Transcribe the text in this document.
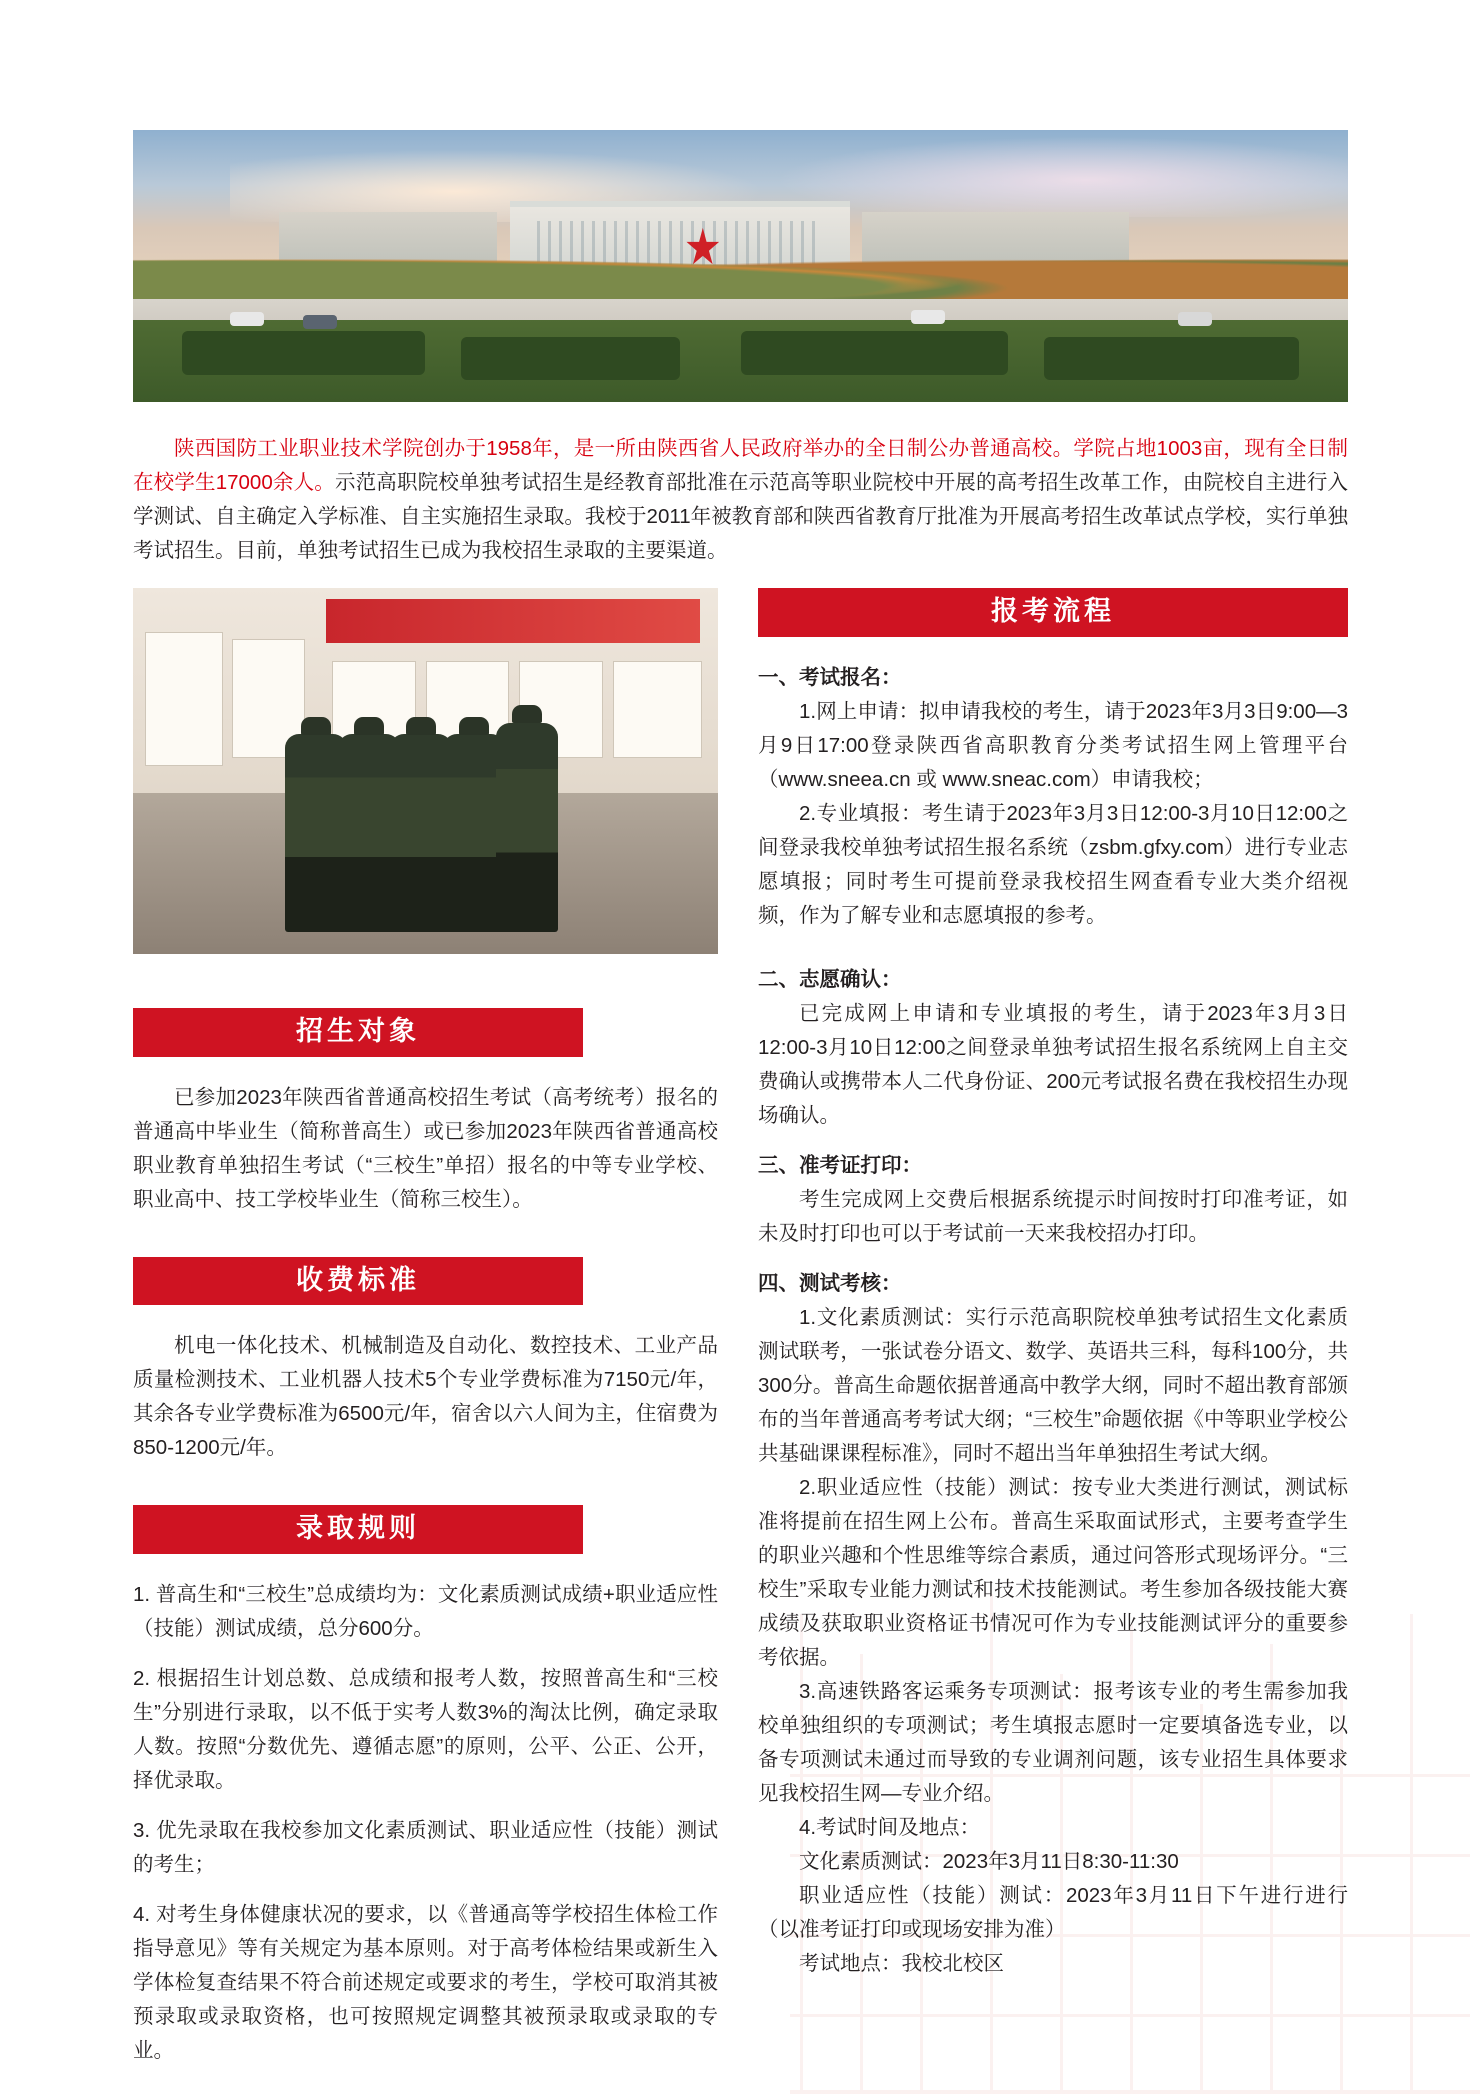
陕西国防工业职业技术学院创办于1958年，是一所由陕西省人民政府举办的全日制公办普通高校。学院占地1003亩，现有全日制在校学生17000余人。示范高职院校单独考试招生是经教育部批准在示范高等职业院校中开展的高考招生改革工作，由院校自主进行入学测试、自主确定入学标准、自主实施招生录取。我校于2011年被教育部和陕西省教育厅批准为开展高考招生改革试点学校，实行单独考试招生。目前，单独考试招生已成为我校招生录取的主要渠道。
招生对象
已参加2023年陕西省普通高校招生考试（高考统考）报名的普通高中毕业生（简称普高生）或已参加2023年陕西省普通高校职业教育单独招生考试（“三校生”单招）报名的中等专业学校、职业高中、技工学校毕业生（简称三校生）。
收费标准
机电一体化技术、机械制造及自动化、数控技术、工业产品质量检测技术、工业机器人技术5个专业学费标准为7150元/年，其余各专业学费标准为6500元/年，宿舍以六人间为主，住宿费为850-1200元/年。
录取规则

1. 普高生和“三校生”总成绩均为：文化素质测试成绩+职业适应性（技能）测试成绩，总分600分。

2. 根据招生计划总数、总成绩和报考人数，按照普高生和“三校生”分别进行录取，以不低于实考人数3%的淘汰比例，确定录取人数。按照“分数优先、遵循志愿”的原则，公平、公正、公开，择优录取。

3. 优先录取在我校参加文化素质测试、职业适应性（技能）测试的考生；

4. 对考生身体健康状况的要求，以《普通高等学校招生体检工作指导意见》等有关规定为基本原则。对于高考体检结果或新生入学体检复查结果不符合前述规定或要求的考生，学校可取消其被预录取或录取资格，也可按照规定调整其被预录取或录取的专业。

报考流程

一、考试报名：

1.网上申请：拟申请我校的考生，请于2023年3月3日9:00—3月9日17:00登录陕西省高职教育分类考试招生网上管理平台（www.sneea.cn 或 www.sneac.com）申请我校；

2.专业填报：考生请于2023年3月3日12:00-3月10日12:00之间登录我校单独考试招生报名系统（zsbm.gfxy.com）进行专业志愿填报；同时考生可提前登录我校招生网查看专业大类介绍视频，作为了解专业和志愿填报的参考。

二、志愿确认：

已完成网上申请和专业填报的考生，请于2023年3月3日12:00-3月10日12:00之间登录单独考试招生报名系统网上自主交费确认或携带本人二代身份证、200元考试报名费在我校招生办现场确认。

三、准考证打印：

考生完成网上交费后根据系统提示时间按时打印准考证，如未及时打印也可以于考试前一天来我校招办打印。

四、测试考核：

1.文化素质测试：实行示范高职院校单独考试招生文化素质测试联考，一张试卷分语文、数学、英语共三科，每科100分，共300分。普高生命题依据普通高中教学大纲，同时不超出教育部颁布的当年普通高考考试大纲；“三校生”命题依据《中等职业学校公共基础课课程标准》，同时不超出当年单独招生考试大纲。

2.职业适应性（技能）测试：按专业大类进行测试，测试标准将提前在招生网上公布。普高生采取面试形式，主要考查学生的职业兴趣和个性思维等综合素质，通过问答形式现场评分。“三校生”采取专业能力测试和技术技能测试。考生参加各级技能大赛成绩及获取职业资格证书情况可作为专业技能测试评分的重要参考依据。

3.高速铁路客运乘务专项测试：报考该专业的考生需参加我校单独组织的专项测试；考生填报志愿时一定要填备选专业，以备专项测试未通过而导致的专业调剂问题，该专业招生具体要求见我校招生网—专业介绍。

4.考试时间及地点：

文化素质测试：2023年3月11日8:30-11:30

职业适应性（技能）测试：2023年3月11日下午进行进行（以准考证打印或现场安排为准）

考试地点：我校北校区
